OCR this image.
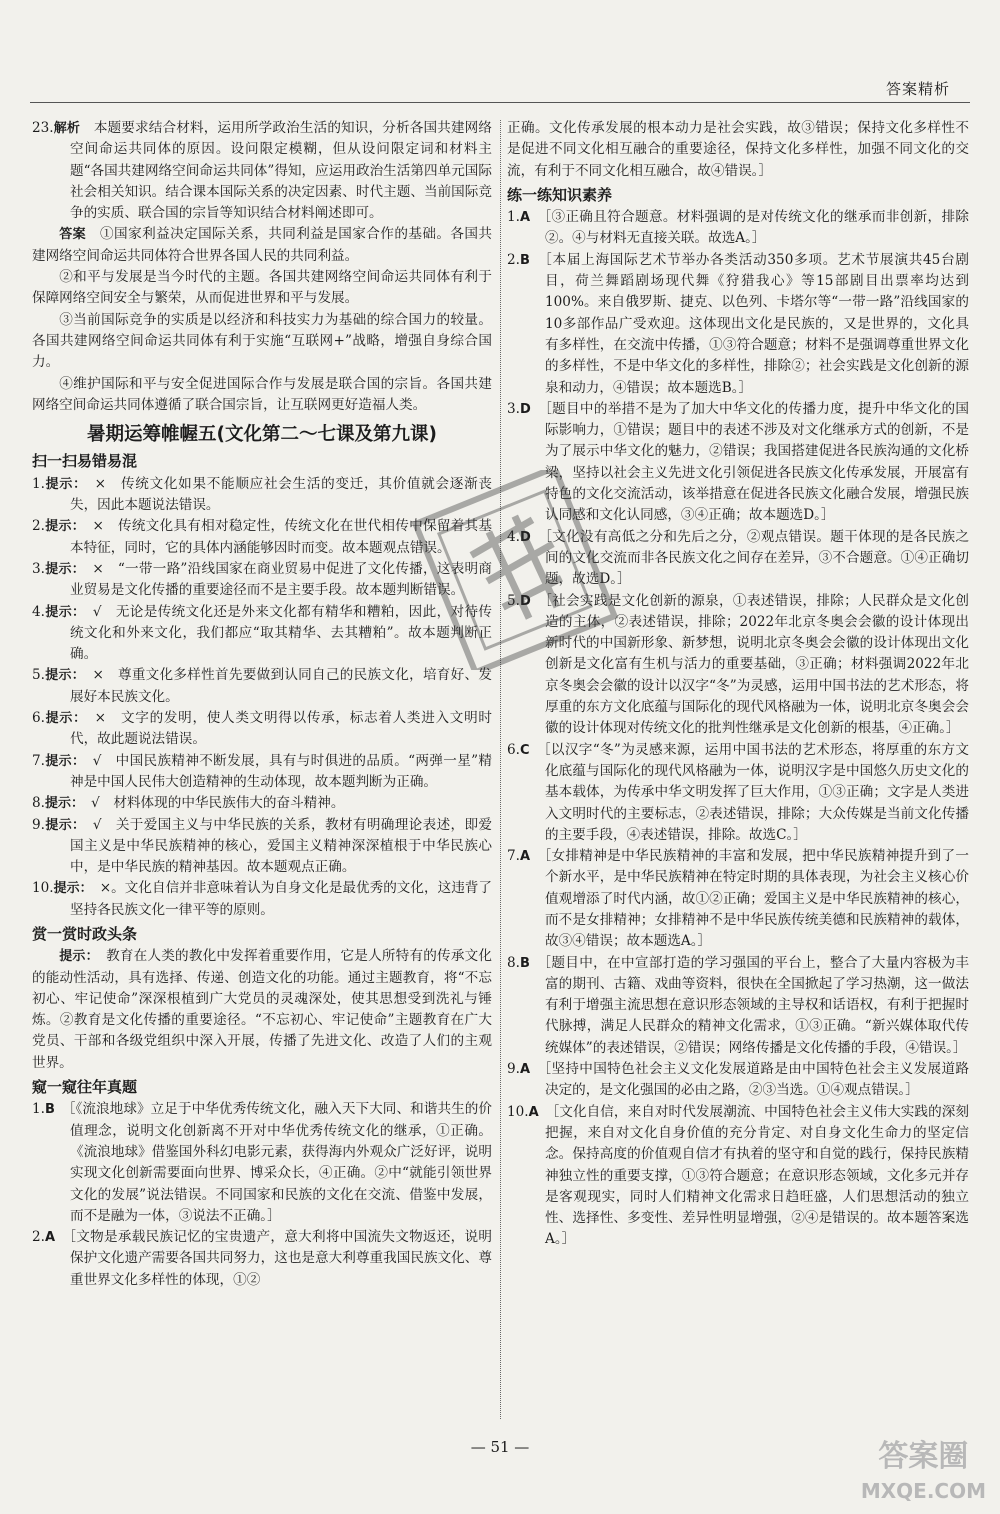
答案精析

23.解析　 本题要求结合材料，运用所学政治生活的知识，分析各国共建网络空间命运共同体的原因。设问限定模糊，但从设问限定词和材料主题“各国共建网络空间命运共同体”得知，应运用政治生活第四单元国际社会相关知识。结合课本国际关系的决定因素、时代主题、当前国际竞争的实质、联合国的宗旨等知识结合材料阐述即可。

答案　 ①国家利益决定国际关系，共同利益是国家合作的基础。各国共建网络空间命运共同体符合世界各国人民的共同利益。

②和平与发展是当今时代的主题。各国共建网络空间命运共同体有利于保障网络空间安全与繁荣，从而促进世界和平与发展。

③当前国际竞争的实质是以经济和科技实力为基础的综合国力的较量。各国共建网络空间命运共同体有利于实施“互联网+”战略，增强自身综合国力。

④维护国际和平与安全促进国际合作与发展是联合国的宗旨。各国共建网络空间命运共同体遵循了联合国宗旨，让互联网更好造福人类。

暑期运筹帷幄五(文化第二～七课及第九课)

扫一扫易错易混

1.提示：　 ×　传统文化如果不能顺应社会生活的变迁，其价值就会逐渐丧失，因此本题说法错误。

2.提示：　 ×　传统文化具有相对稳定性，传统文化在世代相传中保留着其基本特征，同时，它的具体内涵能够因时而变。故本题观点错误。

3.提示：　 ×　“一带一路”沿线国家在商业贸易中促进了文化传播，这表明商业贸易是文化传播的重要途径而不是主要手段。故本题判断错误。

4.提示：　 √　无论是传统文化还是外来文化都有精华和糟粕，因此，对待传统文化和外来文化，我们都应“取其精华、去其糟粕”。故本题判断正确。

5.提示：　 ×　尊重文化多样性首先要做到认同自己的民族文化，培育好、发展好本民族文化。

6.提示：　 ×　文字的发明，使人类文明得以传承，标志着人类进入文明时代，故此题说法错误。

7.提示：　 √　中国民族精神不断发展，具有与时俱进的品质。“两弹一星”精神是中国人民伟大创造精神的生动体现，故本题判断为正确。

8.提示：　 √　材料体现的中华民族伟大的奋斗精神。

9.提示：　 √　关于爱国主义与中华民族的关系，教材有明确理论表述，即爱国主义是中华民族精神的核心，爱国主义精神深深植根于中华民族心中，是中华民族的精神基因。故本题观点正确。

10.提示：　 ×。文化自信并非意味着认为自身文化是最优秀的文化，这违背了坚持各民族文化一律平等的原则。

赏一赏时政头条

提示：　 教育在人类的教化中发挥着重要作用，它是人所特有的传承文化的能动性活动，具有选择、传递、创造文化的功能。通过主题教育，将“不忘初心、牢记使命”深深根植到广大党员的灵魂深处，使其思想受到洗礼与锤炼。②教育是文化传播的重要途径。“不忘初心、牢记使命”主题教育在广大党员、干部和各级党组织中深入开展，传播了先进文化、改造了人们的主观世界。

窥一窥往年真题

1.B　 ［《流浪地球》立足于中华优秀传统文化，融入天下大同、和谐共生的价值理念，说明文化创新离不开对中华优秀传统文化的继承，①正确。《流浪地球》借鉴国外科幻电影元素，获得海内外观众广泛好评，说明实现文化创新需要面向世界、博采众长，④正确。②中“就能引领世界文化的发展”说法错误。不同国家和民族的文化在交流、借鉴中发展，而不是融为一体，③说法不正确。］

2.A　 ［文物是承载民族记忆的宝贵遗产，意大利将中国流失文物返还，说明保护文化遗产需要各国共同努力，这也是意大利尊重我国民族文化、尊重世界文化多样性的体现，①②

正确。文化传承发展的根本动力是社会实践，故③错误；保持文化多样性不是促进不同文化相互融合的重要途径，保持文化多样性，加强不同文化的交流，有利于不同文化相互融合，故④错误。］

练一练知识素养

1.A　 ［③正确且符合题意。材料强调的是对传统文化的继承而非创新，排除②。④与材料无直接关联。故选A。］

2.B　 ［本届上海国际艺术节举办各类活动350多项。艺术节展演共45台剧目，荷兰舞蹈剧场现代舞《狩猎我心》等15部剧目出票率均达到100%。来自俄罗斯、捷克、以色列、卡塔尔等“一带一路”沿线国家的10多部作品广受欢迎。这体现出文化是民族的，又是世界的，文化具有多样性，在交流中传播，①③符合题意；材料不是强调尊重世界文化的多样性，不是中华文化的多样性，排除②；社会实践是文化创新的源泉和动力，④错误；故本题选B。］

3.D　 ［题目中的举措不是为了加大中华文化的传播力度，提升中华文化的国际影响力，①错误；题目中的表述不涉及对文化继承方式的创新，不是为了展示中华文化的魅力，②错误；我国搭建促进各民族沟通的文化桥梁，坚持以社会主义先进文化引领促进各民族文化传承发展，开展富有特色的文化交流活动，该举措意在促进各民族文化融合发展，增强民族认同感和文化认同感，③④正确；故本题选D。］

4.D　 ［文化没有高低之分和先后之分，②观点错误。题干体现的是各民族之间的文化交流而非各民族文化之间存在差异，③不合题意。①④正确切题，故选D。］

5.D　 ［社会实践是文化创新的源泉，①表述错误，排除；人民群众是文化创造的主体，②表述错误，排除；2022年北京冬奥会会徽的设计体现出新时代的中国新形象、新梦想，说明北京冬奥会会徽的设计体现出文化创新是文化富有生机与活力的重要基础，③正确；材料强调2022年北京冬奥会会徽的设计以汉字“冬”为灵感，运用中国书法的艺术形态，将厚重的东方文化底蕴与国际化的现代风格融为一体，说明北京冬奥会会徽的设计体现对传统文化的批判性继承是文化创新的根基，④正确。］

6.C　 ［以汉字“冬”为灵感来源，运用中国书法的艺术形态，将厚重的东方文化底蕴与国际化的现代风格融为一体，说明汉字是中国悠久历史文化的基本载体，为传承中华文明发挥了巨大作用，①③正确；文字是人类进入文明时代的主要标志，②表述错误，排除；大众传媒是当前文化传播的主要手段，④表述错误，排除。故选C。］

7.A　 ［女排精神是中华民族精神的丰富和发展，把中华民族精神提升到了一个新水平，是中华民族精神在特定时期的具体表现，为社会主义核心价值观增添了时代内涵，故①②正确；爱国主义是中华民族精神的核心，而不是女排精神；女排精神不是中华民族传统美德和民族精神的载体，故③④错误；故本题选A。］

8.B　 ［题目中，在中宣部打造的学习强国的平台上，整合了大量内容极为丰富的期刊、古籍、戏曲等资料，很快在全国掀起了学习热潮，这一做法有利于增强主流思想在意识形态领域的主导权和话语权，有利于把握时代脉搏，满足人民群众的精神文化需求，①③正确。“新兴媒体取代传统媒体”的表述错误，②错误；网络传播是文化传播的手段，④错误。］

9.A　 ［坚持中国特色社会主义文化发展道路是由中国特色社会主义发展道路决定的，是文化强国的必由之路，②③当选。①④观点错误。］

10.A　 ［文化自信，来自对时代发展潮流、中国特色社会主义伟大实践的深刻把握，来自对文化自身价值的充分肯定、对自身文化生命力的坚定信念。保持高度的价值观自信才有执着的坚守和自觉的践行，保持民族精神独立性的重要支撑，①③符合题意；在意识形态领域，文化多元并存是客观现实，同时人们精神文化需求日趋旺盛，人们思想活动的独立性、选择性、多变性、差异性明显增强，②④是错误的。故本题答案选A。］

— 51 —	答案圈
MXQE.COM
